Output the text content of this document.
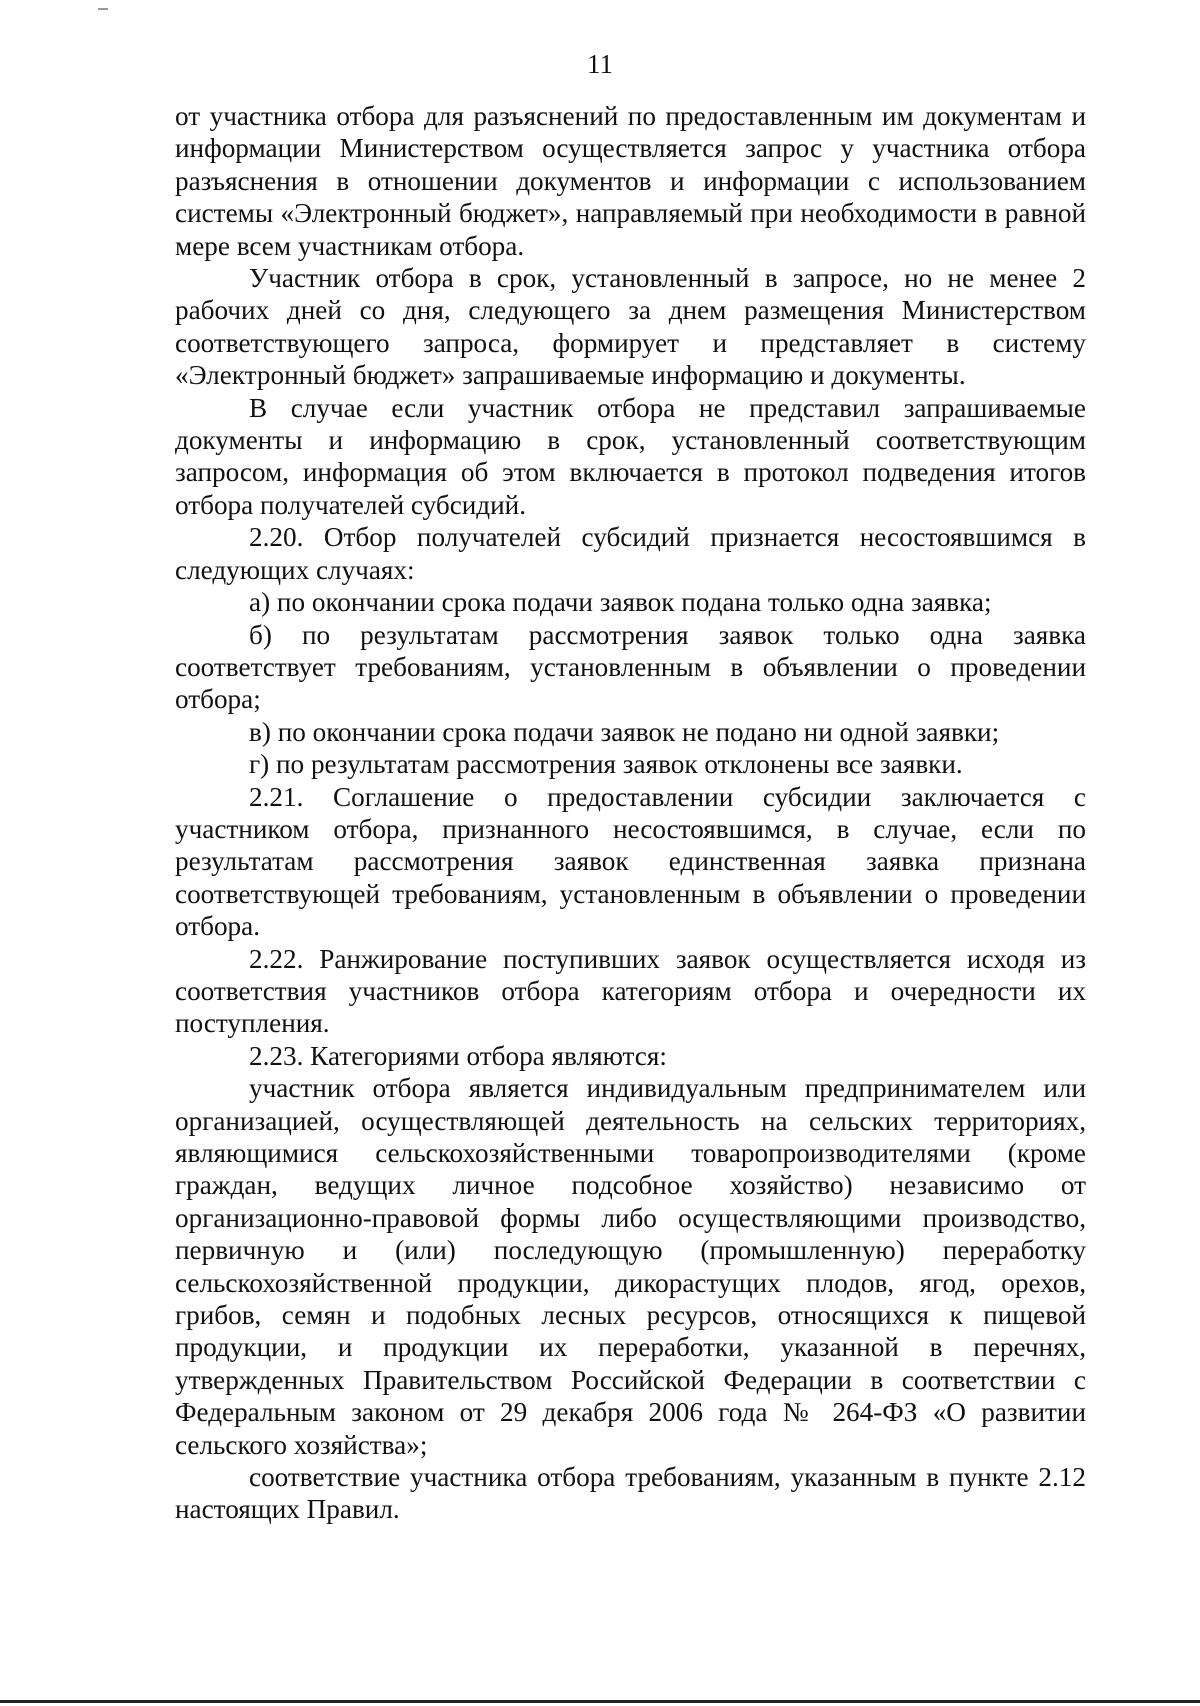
11

от участника отбора для разъяснений по предоставленным им документам и информации Министерством осуществляется запрос у участника отбора разъяснения в отношении документов и информации с использованием системы «Электронный бюджет», направляемый при необходимости в равной мере всем участникам отбора.

Участник отбора в срок, установленный в запросе, но не менее 2 рабочих дней со дня, следующего за днем размещения Министерством соответствующего запроса, формирует и представляет в систему «Электронный бюджет» запрашиваемые информацию и документы.

В случае если участник отбора не представил запрашиваемые документы и информацию в срок, установленный соответствующим запросом, информация об этом включается в протокол подведения итогов отбора получателей субсидий.

2.20. Отбор получателей субсидий признается несостоявшимся в следующих случаях:

а) по окончании срока подачи заявок подана только одна заявка;

б) по результатам рассмотрения заявок только одна заявка соответствует требованиям, установленным в объявлении о проведении отбора;

в) по окончании срока подачи заявок не подано ни одной заявки;

г) по результатам рассмотрения заявок отклонены все заявки.

2.21. Соглашение о предоставлении субсидии заключается с участником отбора, признанного несостоявшимся, в случае, если по результатам рассмотрения заявок единственная заявка признана соответствующей требованиям, установленным в объявлении о проведении отбора.

2.22. Ранжирование поступивших заявок осуществляется исходя из соответствия участников отбора категориям отбора и очередности их поступления.

2.23. Категориями отбора являются:

участник отбора является индивидуальным предпринимателем или организацией, осуществляющей деятельность на сельских территориях, являющимися сельскохозяйственными товаропроизводителями (кроме граждан, ведущих личное подсобное хозяйство) независимо от организационно-правовой формы либо осуществляющими производство, первичную и (или) последующую (промышленную) переработку сельскохозяйственной продукции, дикорастущих плодов, ягод, орехов, грибов, семян и подобных лесных ресурсов, относящихся к пищевой продукции, и продукции их переработки, указанной в перечнях, утвержденных Правительством Российской Федерации в соответствии с Федеральным законом от 29 декабря 2006 года № 264-ФЗ «О развитии сельского хозяйства»;

соответствие участника отбора требованиям, указанным в пункте 2.12 настоящих Правил.
